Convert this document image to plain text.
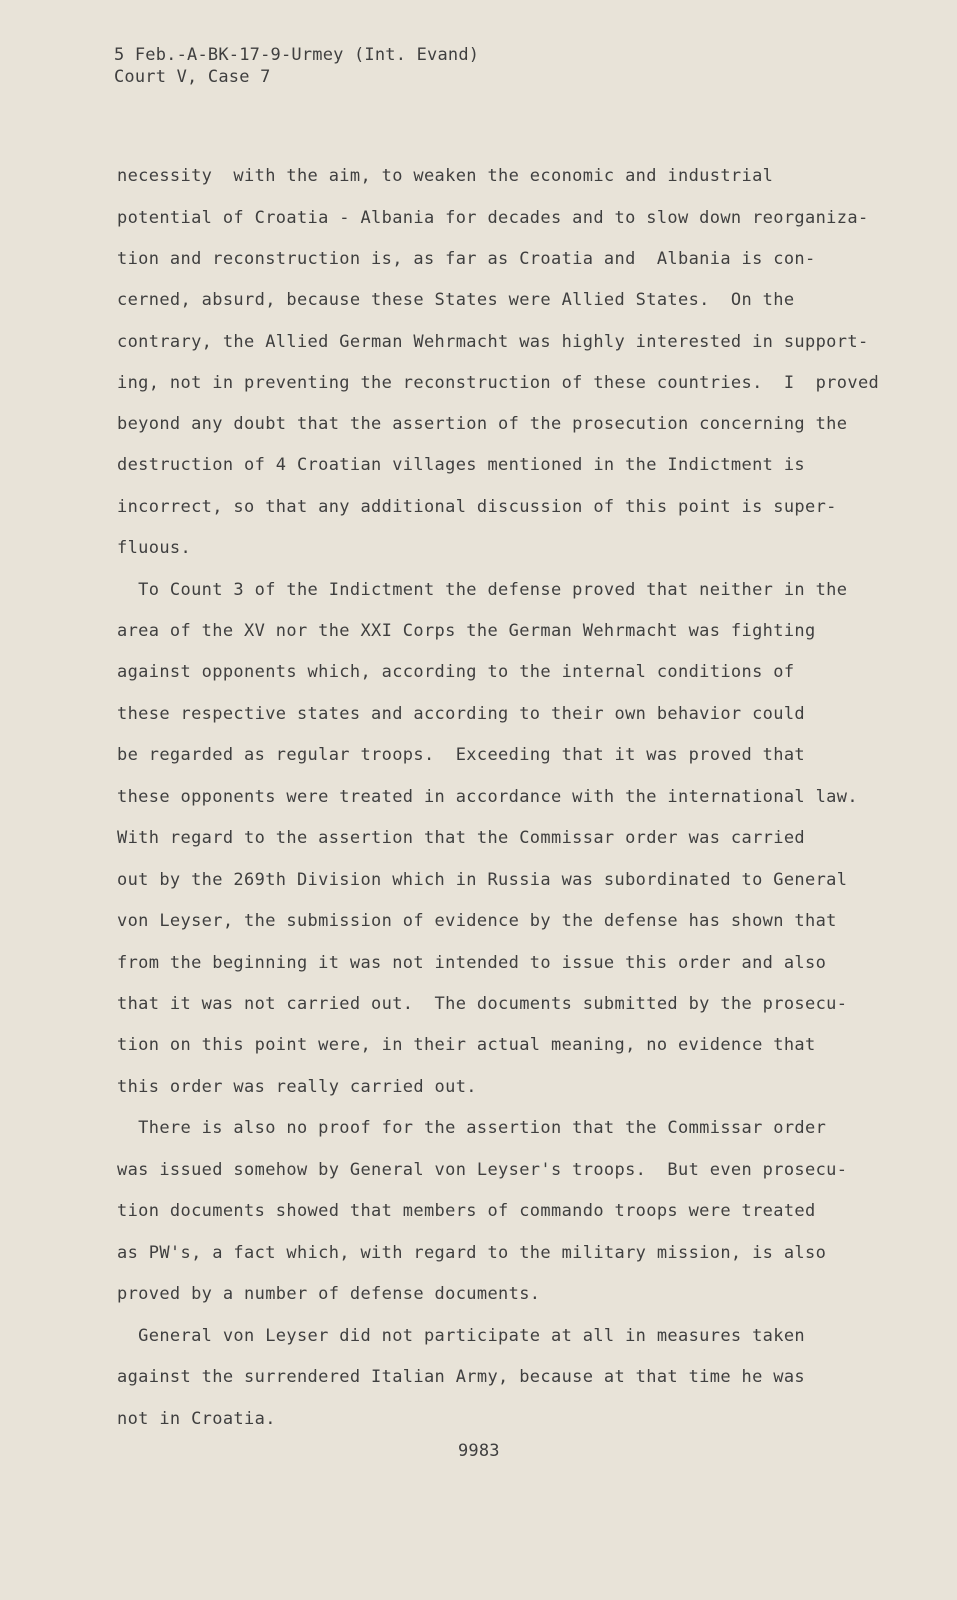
5 Feb.-A-BK-17-9-Urmey (Int. Evand)
Court V, Case 7
necessity  with the aim, to weaken the economic and industrial
potential of Croatia - Albania for decades and to slow down reorganiza-
tion and reconstruction is, as far as Croatia and  Albania is con-
cerned, absurd, because these States were Allied States.  On the
contrary, the Allied German Wehrmacht was highly interested in support-
ing, not in preventing the reconstruction of these countries.  I  proved
beyond any doubt that the assertion of the prosecution concerning the
destruction of 4 Croatian villages mentioned in the Indictment is
incorrect, so that any additional discussion of this point is super-
fluous.
To Count 3 of the Indictment the defense proved that neither in the
area of the XV nor the XXI Corps the German Wehrmacht was fighting
against opponents which, according to the internal conditions of
these respective states and according to their own behavior could
be regarded as regular troops.  Exceeding that it was proved that
these opponents were treated in accordance with the international law.
With regard to the assertion that the Commissar order was carried
out by the 269th Division which in Russia was subordinated to General
von Leyser, the submission of evidence by the defense has shown that
from the beginning it was not intended to issue this order and also
that it was not carried out.  The documents submitted by the prosecu-
tion on this point were, in their actual meaning, no evidence that
this order was really carried out.
There is also no proof for the assertion that the Commissar order
was issued somehow by General von Leyser's troops.  But even prosecu-
tion documents showed that members of commando troops were treated
as PW's, a fact which, with regard to the military mission, is also
proved by a number of defense documents.
General von Leyser did not participate at all in measures taken
against the surrendered Italian Army, because at that time he was
not in Croatia.
9983
